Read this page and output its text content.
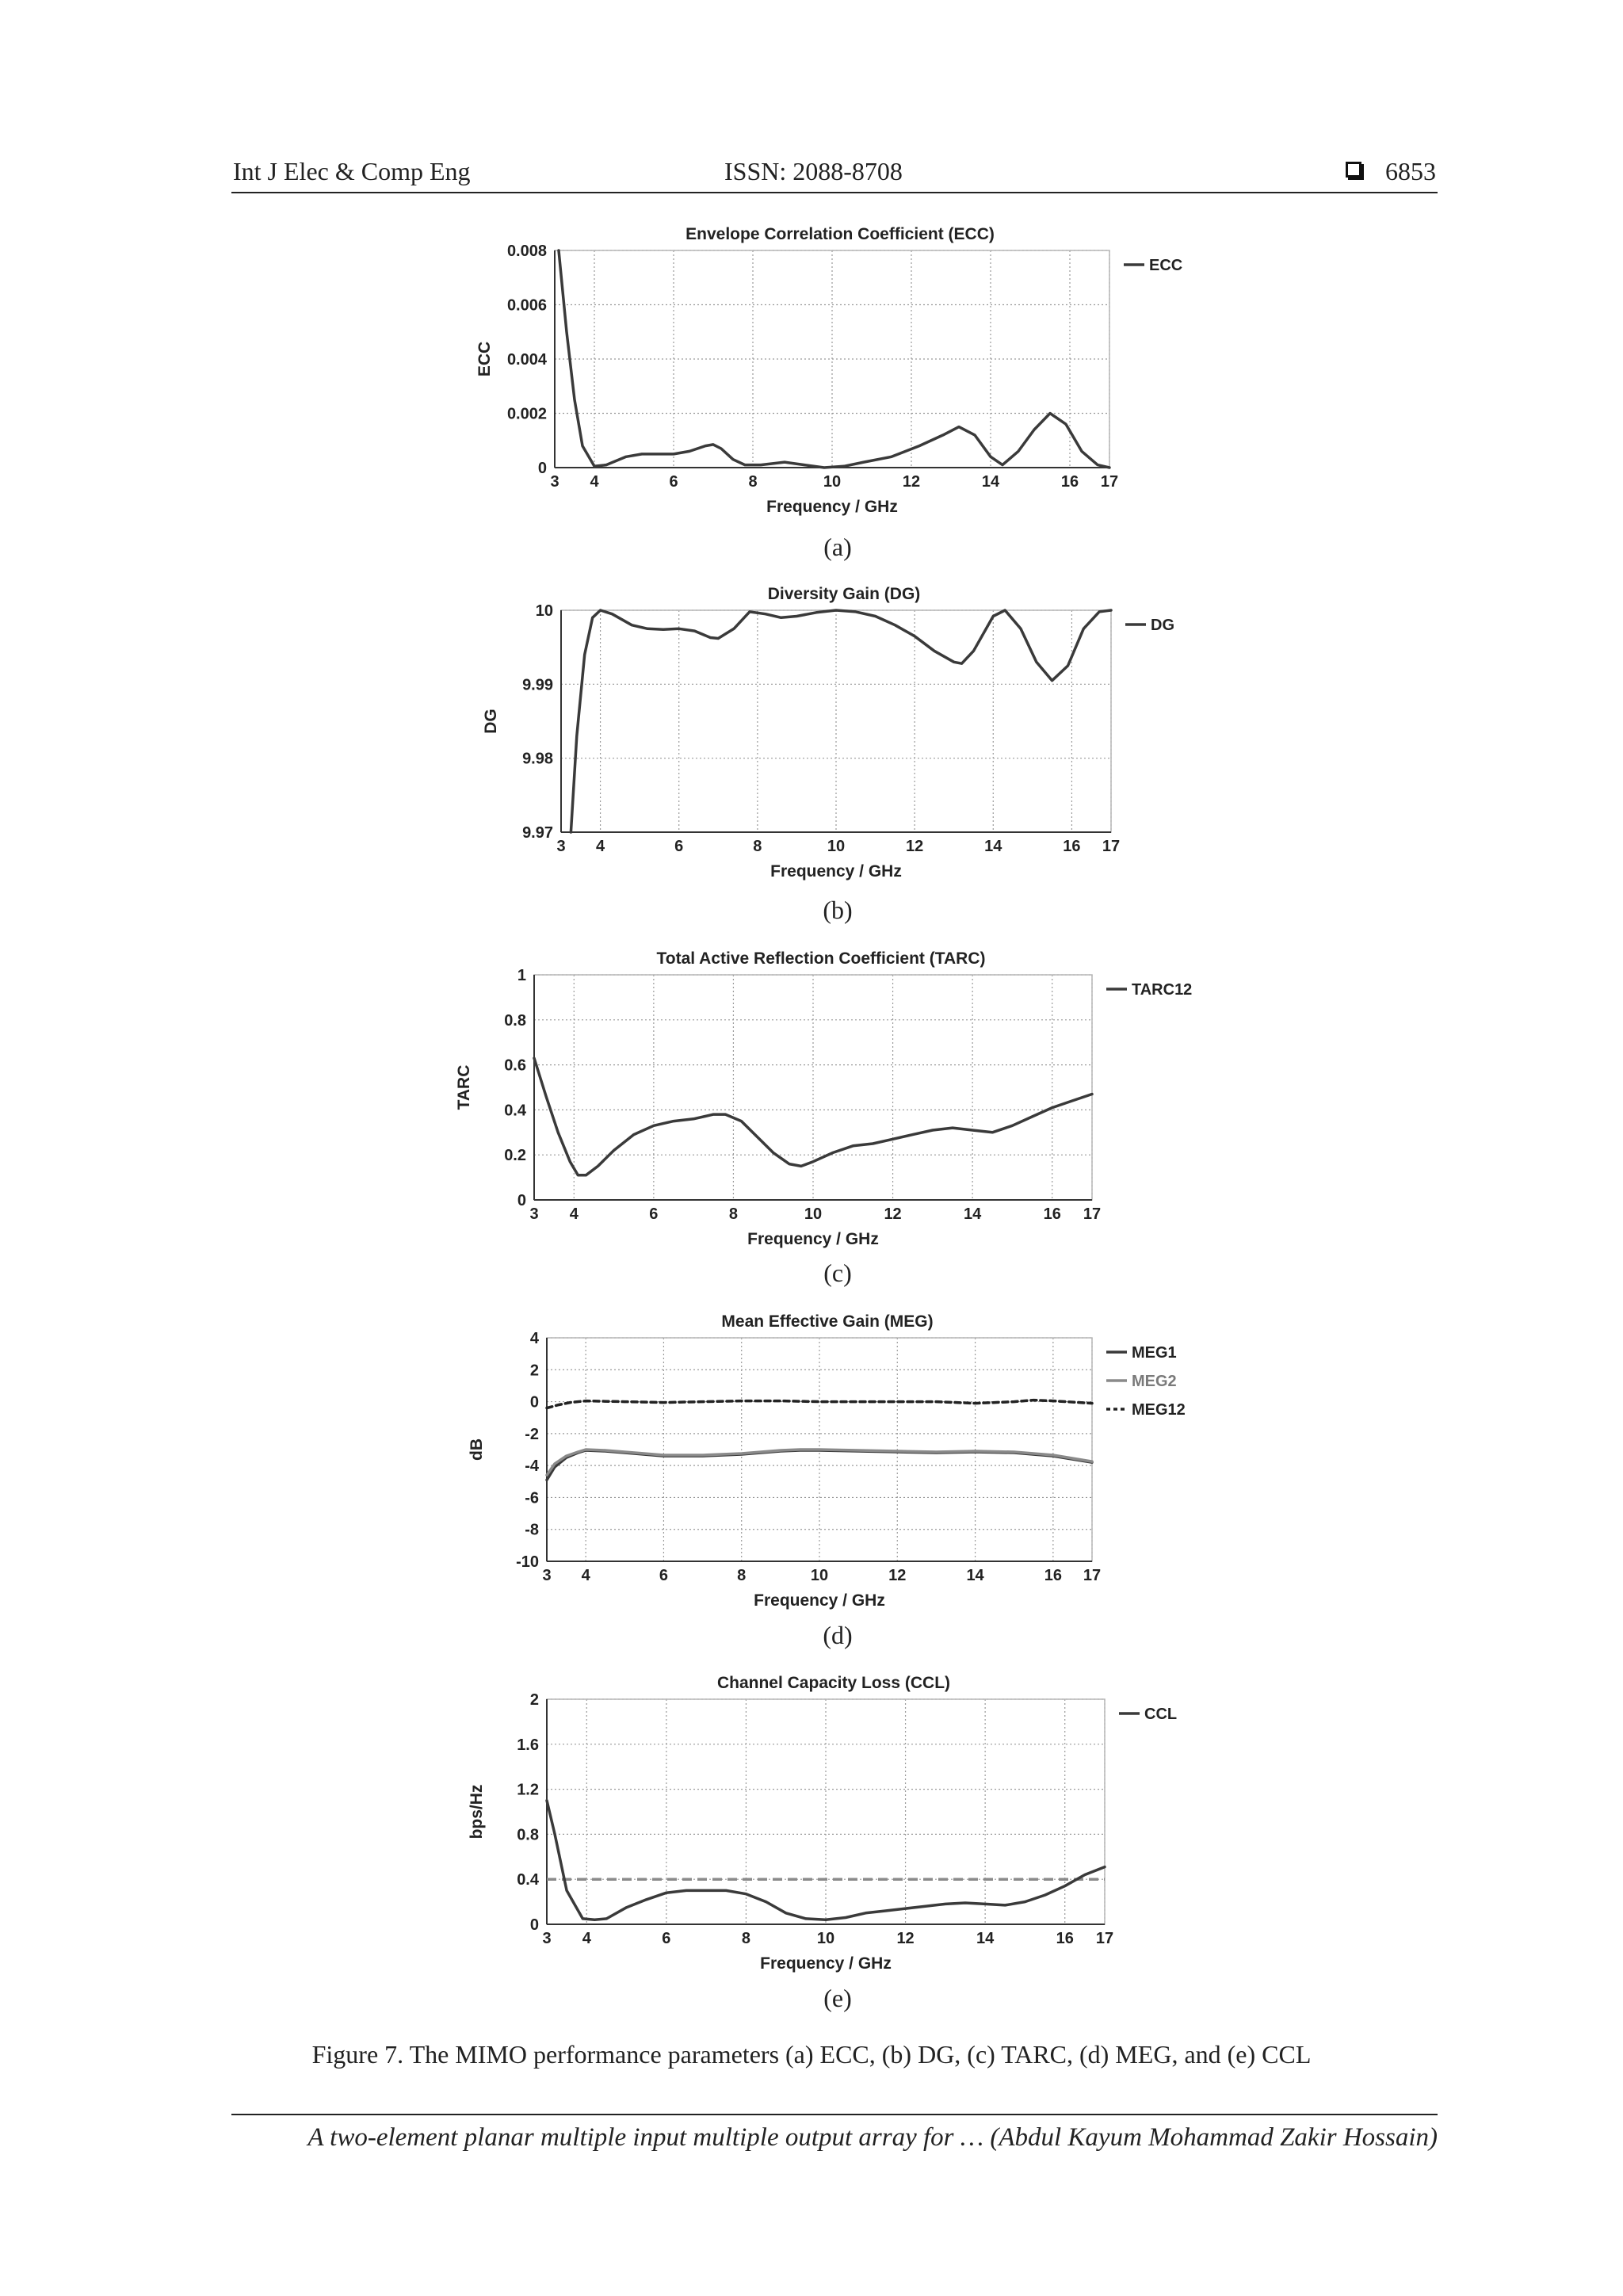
Int J Elec & Comp Eng	ISSN: 2088-8708	6853
3 4	6	8	10	12	14	16 17
0
0.002
0.004
0.006
0.008
Envelope Correlation Coefficient (ECC)
Frequency / GHz
ECC
ECC
(a)
3 4	6	8	10	12	14	16 17
9.97
9.98
9.99
10
Diversity Gain (DG)
Frequency / GHz
DG
DG
(b)
3 4	6	8	10	12	14	16 17
0
0.2
0.4
0.6
0.8
1
Total Active Reflection Coefficient (TARC)
Frequency / GHz
TARC
TARC12
(c)
3 4	6	8	10	12	14	16 17
-10
-8
-6
-4
-2
0
2
4
Mean Effective Gain (MEG)
Frequency / GHz
dB
MEG1
MEG2
MEG12
(d)
3 4	6	8	10	12	14	16 17
0
0.4
0.8
1.2
1.6
2
Channel Capacity Loss (CCL)
Frequency / GHz
bps/Hz
CCL
(e)
Figure 7. The MIMO performance parameters (a) ECC, (b) DG, (c) TARC, (d) MEG, and (e) CCL
A two-element planar multiple input multiple output array for … (Abdul Kayum Mohammad Zakir Hossain)
